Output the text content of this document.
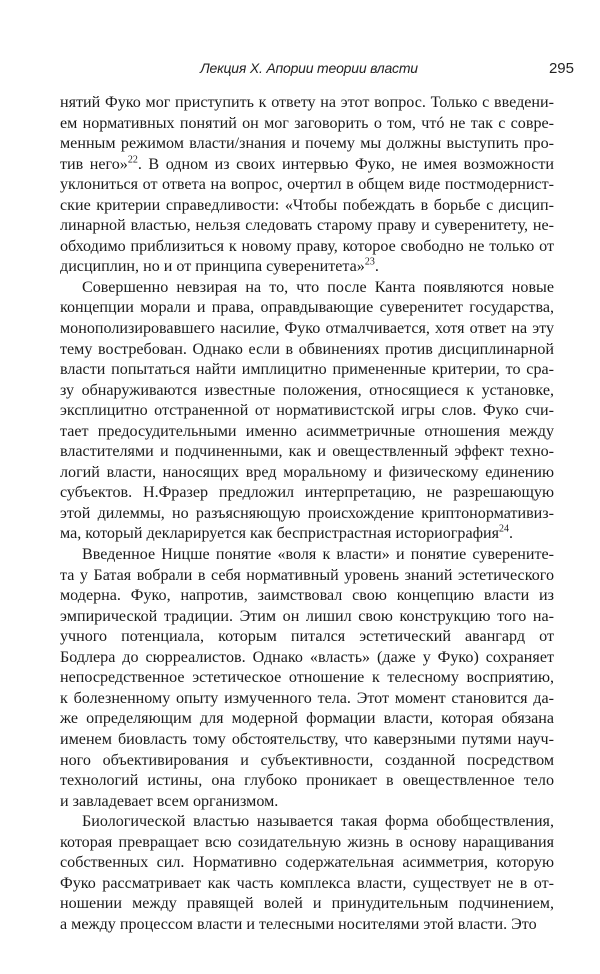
Лекция X. Апории теории власти	295
нятий Фуко мог приступить к ответу на этот вопрос. Только с введени-
ем нормативных понятий он мог заговорить о том, чтó не так с совре-
менным режимом власти/знания и почему мы должны выступить про-
тив него»$^{22}$. В одном из своих интервью Фуко, не имея возможности
уклониться от ответа на вопрос, очертил в общем виде постмодернист-
ские критерии справедливости: «Чтобы побеждать в борьбе с дисцип-
линарной властью, нельзя следовать старому праву и суверенитету, не-
обходимо приблизиться к новому праву, которое свободно не только от
дисциплин, но и от принципа суверенитета»$^{23}$.
Совершенно невзирая на то, что после Канта появляются новые
концепции морали и права, оправдывающие суверенитет государства,
монополизировавшего насилие, Фуко отмалчивается, хотя ответ на эту
тему востребован. Однако если в обвинениях против дисциплинарной
власти попытаться найти имплицитно примененные критерии, то сра-
зу обнаруживаются известные положения, относящиеся к установке,
эксплицитно отстраненной от нормативистской игры слов. Фуко счи-
тает предосудительными именно асимметричные отношения между
властителями и подчиненными, как и овеществленный эффект техно-
логий власти, наносящих вред моральному и физическому единению
субъектов. Н.Фразер предложил интерпретацию, не разрешающую
этой дилеммы, но разъясняющую происхождение криптонормативиз-
ма, который декларируется как беспристрастная историография$^{24}$.
Введенное Ницше понятие «воля к власти» и понятие суверените-
та у Батая вобрали в себя нормативный уровень знаний эстетического
модерна. Фуко, напротив, заимствовал свою концепцию власти из
эмпирической традиции. Этим он лишил свою конструкцию того на-
учного потенциала, которым питался эстетический авангард от
Бодлера до сюрреалистов. Однако «власть» (даже у Фуко) сохраняет
непосредственное эстетическое отношение к телесному восприятию,
к болезненному опыту измученного тела. Этот момент становится да-
же определяющим для модерной формации власти, которая обязана
именем биовласть тому обстоятельству, что каверзными путями науч-
ного объективирования и субъективности, созданной посредством
технологий истины, она глубоко проникает в овеществленное тело
и завладевает всем организмом.
Биологической властью называется такая форма обобществления,
которая превращает всю созидательную жизнь в основу наращивания
собственных сил. Нормативно содержательная асимметрия, которую
Фуко рассматривает как часть комплекса власти, существует не в от-
ношении между правящей волей и принудительным подчинением,
а между процессом власти и телесными носителями этой власти. Это
